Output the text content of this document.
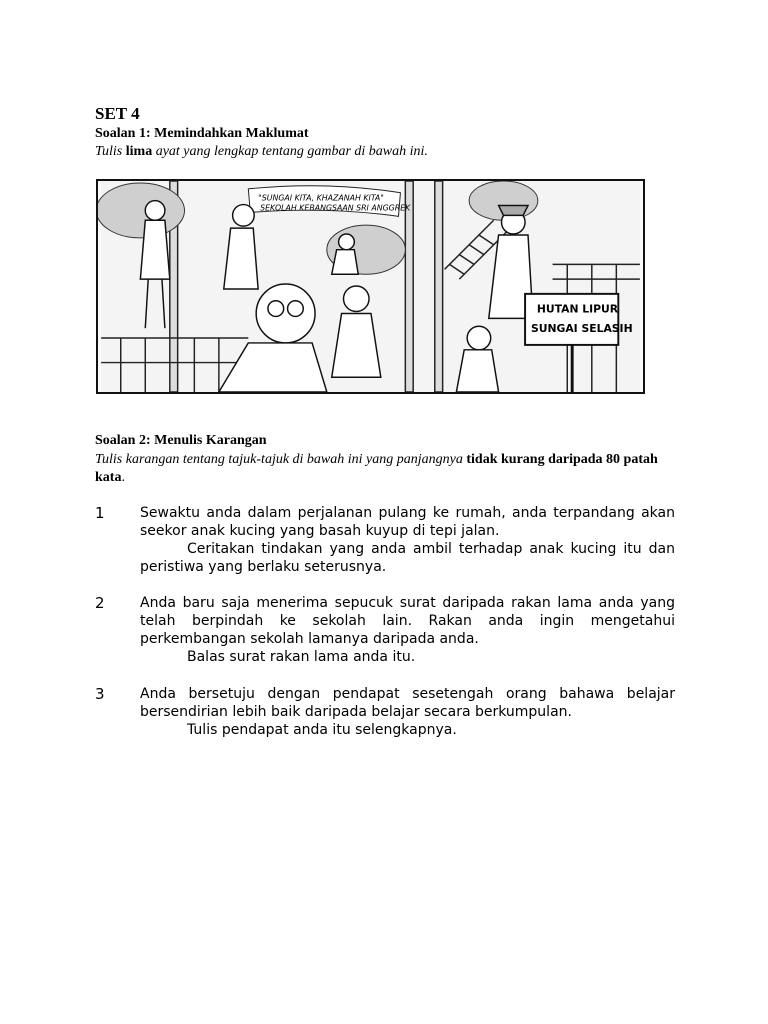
SET 4
Soalan 1: Memindahkan Maklumat
Tulis lima ayat yang lengkap tentang gambar di bawah ini.
"SUNGAI KITA, KHAZANAH KITA"
SEKOLAH KEBANGSAAN SRI ANGGREK
HUTAN LIPUR
SUNGAI SELASIH
Soalan 2: Menulis Karangan
Tulis karangan tentang tajuk-tajuk di bawah ini yang panjangnya tidak kurang daripada 80 patah kata.
1	Sewaktu anda dalam perjalanan pulang ke rumah, anda terpandang akan seekor anak kucing yang basah kuyup di tepi jalan.
Ceritakan tindakan yang anda ambil terhadap anak kucing itu dan peristiwa yang berlaku seterusnya.
2	Anda baru saja menerima sepucuk surat daripada rakan lama anda yang telah berpindah ke sekolah lain. Rakan anda ingin mengetahui perkembangan sekolah lamanya daripada anda.
Balas surat rakan lama anda itu.
3	Anda bersetuju dengan pendapat sesetengah orang bahawa belajar bersendirian lebih baik daripada belajar secara berkumpulan.
Tulis pendapat anda itu selengkapnya.
